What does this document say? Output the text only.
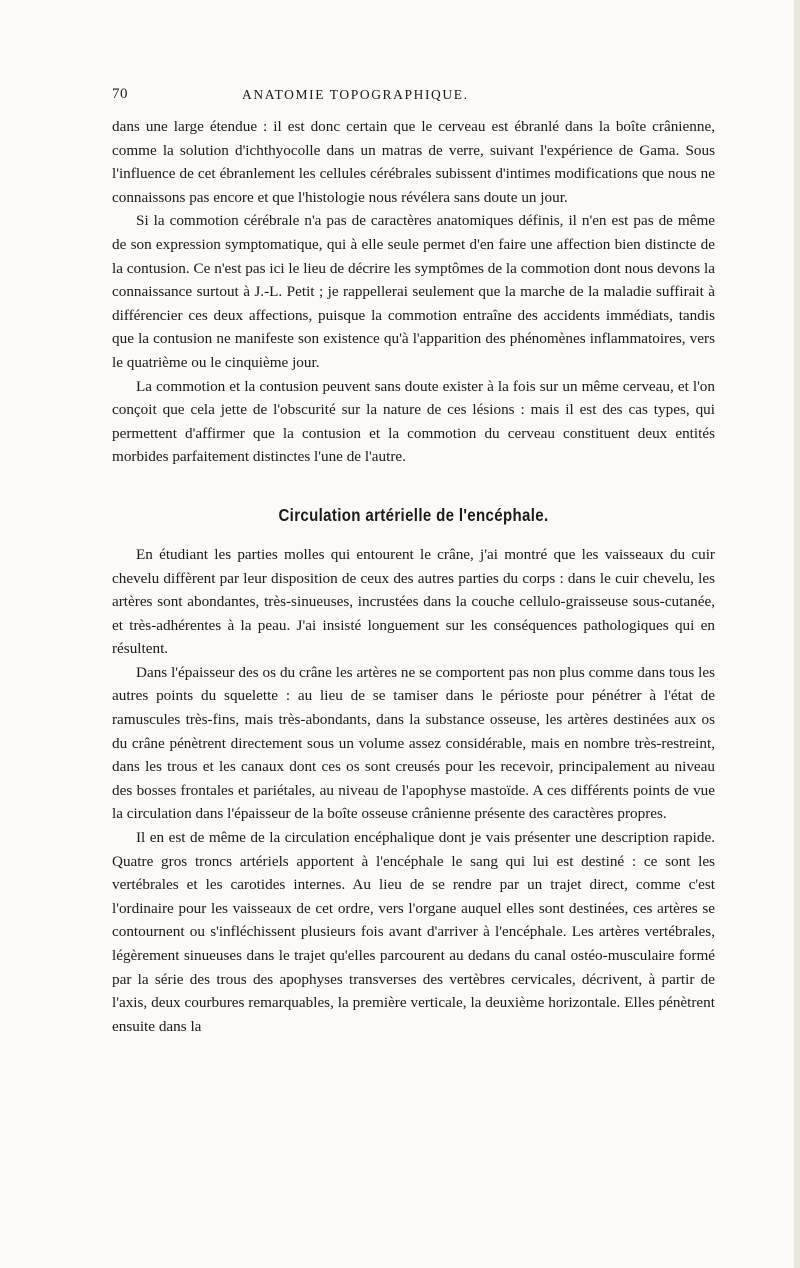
70	ANATOMIE TOPOGRAPHIQUE.

dans une large étendue : il est donc certain que le cerveau est ébranlé dans la boîte crânienne, comme la solution d'ichthyocolle dans un matras de verre, suivant l'expérience de Gama. Sous l'influence de cet ébranlement les cellules cérébrales subissent d'intimes modifications que nous ne connaissons pas encore et que l'histologie nous révélera sans doute un jour.

Si la commotion cérébrale n'a pas de caractères anatomiques définis, il n'en est pas de même de son expression symptomatique, qui à elle seule permet d'en faire une affection bien distincte de la contusion. Ce n'est pas ici le lieu de décrire les symptômes de la commotion dont nous devons la connaissance surtout à J.-L. Petit ; je rappellerai seulement que la marche de la maladie suffirait à différencier ces deux affections, puisque la commotion entraîne des accidents immédiats, tandis que la contusion ne manifeste son existence qu'à l'apparition des phénomènes inflammatoires, vers le quatrième ou le cinquième jour.

La commotion et la contusion peuvent sans doute exister à la fois sur un même cerveau, et l'on conçoit que cela jette de l'obscurité sur la nature de ces lésions : mais il est des cas types, qui permettent d'affirmer que la contusion et la commotion du cerveau constituent deux entités morbides parfaitement distinctes l'une de l'autre.

Circulation artérielle de l'encéphale.

En étudiant les parties molles qui entourent le crâne, j'ai montré que les vaisseaux du cuir chevelu diffèrent par leur disposition de ceux des autres parties du corps : dans le cuir chevelu, les artères sont abondantes, très-sinueuses, incrustées dans la couche cellulo-graisseuse sous-cutanée, et très-adhérentes à la peau. J'ai insisté longuement sur les conséquences pathologiques qui en résultent.

Dans l'épaisseur des os du crâne les artères ne se comportent pas non plus comme dans tous les autres points du squelette : au lieu de se tamiser dans le périoste pour pénétrer à l'état de ramuscules très-fins, mais très-abondants, dans la substance osseuse, les artères destinées aux os du crâne pénètrent directement sous un volume assez considérable, mais en nombre très-restreint, dans les trous et les canaux dont ces os sont creusés pour les recevoir, principalement au niveau des bosses frontales et pariétales, au niveau de l'apophyse mastoïde. A ces différents points de vue la circulation dans l'épaisseur de la boîte osseuse crânienne présente des caractères propres.

Il en est de même de la circulation encéphalique dont je vais présenter une description rapide. Quatre gros troncs artériels apportent à l'encéphale le sang qui lui est destiné : ce sont les vertébrales et les carotides internes. Au lieu de se rendre par un trajet direct, comme c'est l'ordinaire pour les vaisseaux de cet ordre, vers l'organe auquel elles sont destinées, ces artères se contournent ou s'infléchissent plusieurs fois avant d'arriver à l'encéphale. Les artères vertébrales, légèrement sinueuses dans le trajet qu'elles parcourent au dedans du canal ostéo-musculaire formé par la série des trous des apophyses transverses des vertèbres cervicales, décrivent, à partir de l'axis, deux courbures remarquables, la première verticale, la deuxième horizontale. Elles pénètrent ensuite dans la
